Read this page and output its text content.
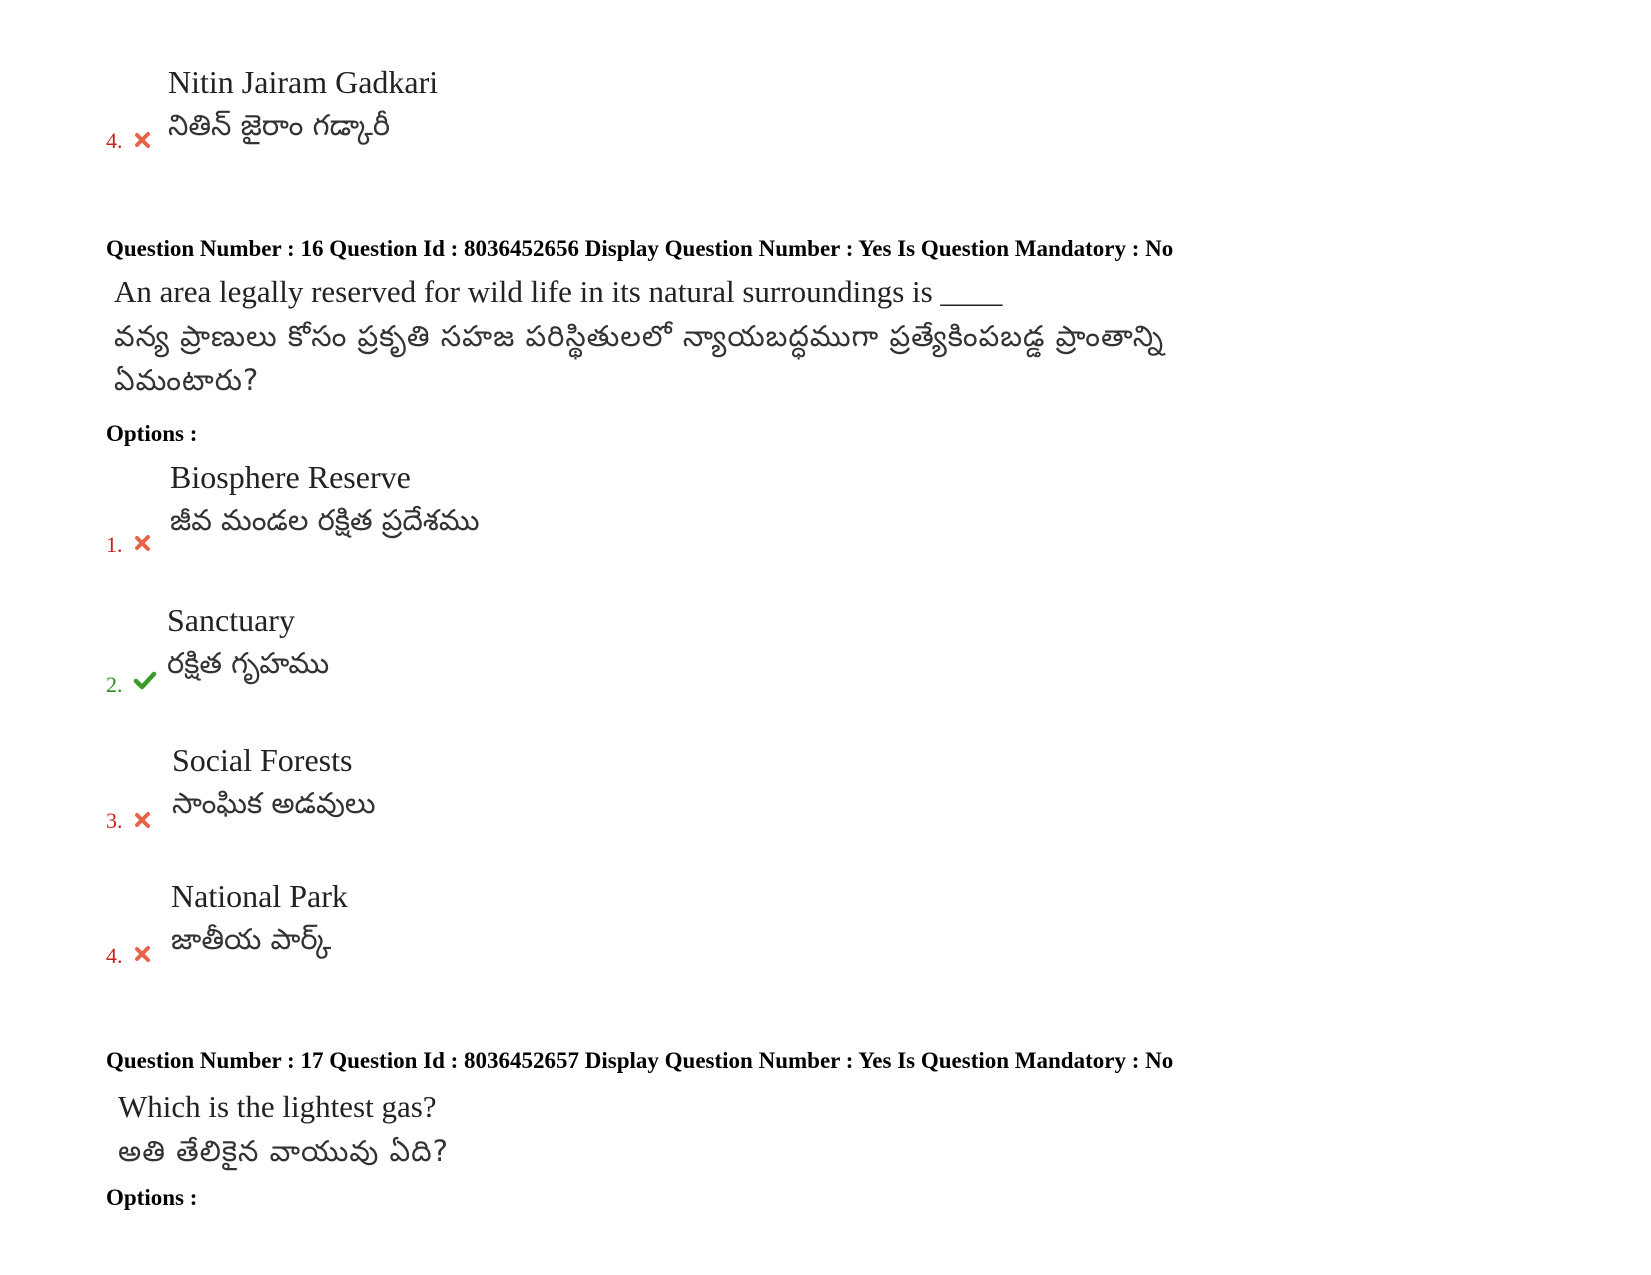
Nitin Jairam Gadkari
నితిన్ జైరాం గడ్కారీ
4.
Question Number : 16 Question Id : 8036452656 Display Question Number : Yes Is Question Mandatory : No
An area legally reserved for wild life in its natural surroundings is ____
వన్య ప్రాణులు కోసం ప్రకృతి సహజ పరిస్థితులలో న్యాయబద్ధముగా ప్రత్యేకింపబడ్డ ప్రాంతాన్ని
ఏమంటారు?
Options :
Biosphere Reserve
జీవ మండల రక్షిత ప్రదేశము
1.
Sanctuary
రక్షిత గృహము
2.
Social Forests
సాంఘిక అడవులు
3.
National Park
జాతీయ పార్క్
4.
Question Number : 17 Question Id : 8036452657 Display Question Number : Yes Is Question Mandatory : No
Which is the lightest gas?
అతి తేలికైన వాయువు ఏది?
Options :
